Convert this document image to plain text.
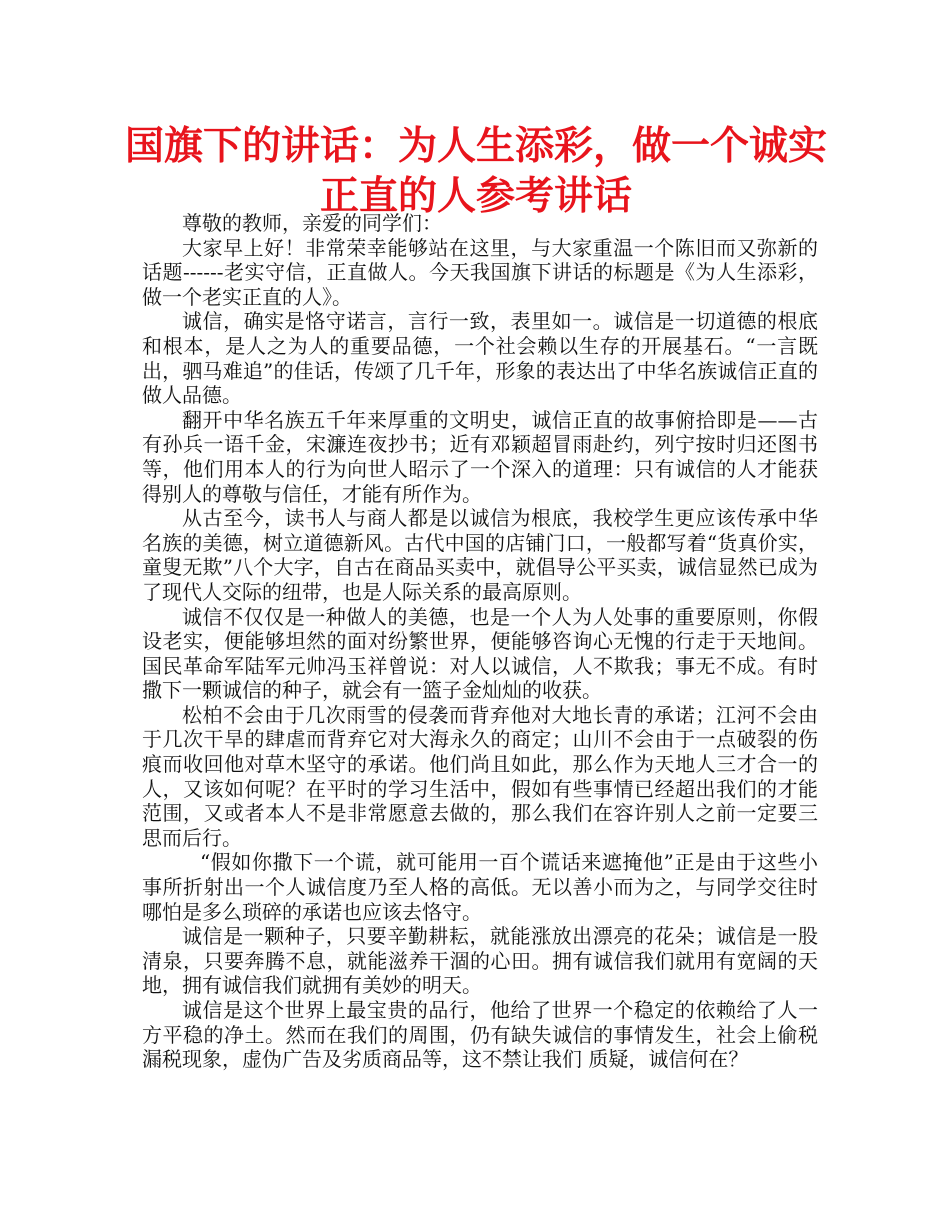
国旗下的讲话：为人生添彩，做一个诚实正直的人参考讲话

尊敬的教师，亲爱的同学们：

大家早上好！非常荣幸能够站在这里，与大家重温一个陈旧而又弥新的话题------老实守信，正直做人。今天我国旗下讲话的标题是《为人生添彩，做一个老实正直的人》。

诚信，确实是恪守诺言，言行一致，表里如一。诚信是一切道德的根底和根本，是人之为人的重要品德，一个社会赖以生存的开展基石。“一言既出，驷马难追”的佳话，传颂了几千年，形象的表达出了中华名族诚信正直的做人品德。

翻开中华名族五千年来厚重的文明史，诚信正直的故事俯拾即是——古有孙兵一语千金，宋濂连夜抄书；近有邓颖超冒雨赴约，列宁按时归还图书等，他们用本人的行为向世人昭示了一个深入的道理：只有诚信的人才能获得别人的尊敬与信任，才能有所作为。

从古至今，读书人与商人都是以诚信为根底，我校学生更应该传承中华名族的美德，树立道德新风。古代中国的店铺门口，一般都写着“货真价实，童叟无欺”八个大字，自古在商品买卖中，就倡导公平买卖，诚信显然已成为了现代人交际的纽带，也是人际关系的最高原则。

诚信不仅仅是一种做人的美德，也是一个人为人处事的重要原则，你假设老实，便能够坦然的面对纷繁世界，便能够咨询心无愧的行走于天地间。国民革命军陆军元帅冯玉祥曾说：对人以诚信，人不欺我；事无不成。有时撒下一颗诚信的种子，就会有一篮子金灿灿的收获。

松柏不会由于几次雨雪的侵袭而背弃他对大地长青的承诺；江河不会由于几次干旱的肆虐而背弃它对大海永久的商定；山川不会由于一点破裂的伤痕而收回他对草木坚守的承诺。他们尚且如此，那么作为天地人三才合一的人，又该如何呢？在平时的学习生活中，假如有些事情已经超出我们的才能范围，又或者本人不是非常愿意去做的，那么我们在容许别人之前一定要三思而后行。

“假如你撒下一个谎，就可能用一百个谎话来遮掩他”正是由于这些小事所折射出一个人诚信度乃至人格的高低。无以善小而为之，与同学交往时哪怕是多么琐碎的承诺也应该去恪守。

诚信是一颗种子，只要辛勤耕耘，就能涨放出漂亮的花朵；诚信是一股清泉，只要奔腾不息，就能滋养干涸的心田。拥有诚信我们就用有宽阔的天地，拥有诚信我们就拥有美妙的明天。

诚信是这个世界上最宝贵的品行，他给了世界一个稳定的依赖给了人一方平稳的净土。然而在我们的周围，仍有缺失诚信的事情发生，社会上偷税漏税现象，虚伪广告及劣质商品等，这不禁让我们 质疑，诚信何在？
